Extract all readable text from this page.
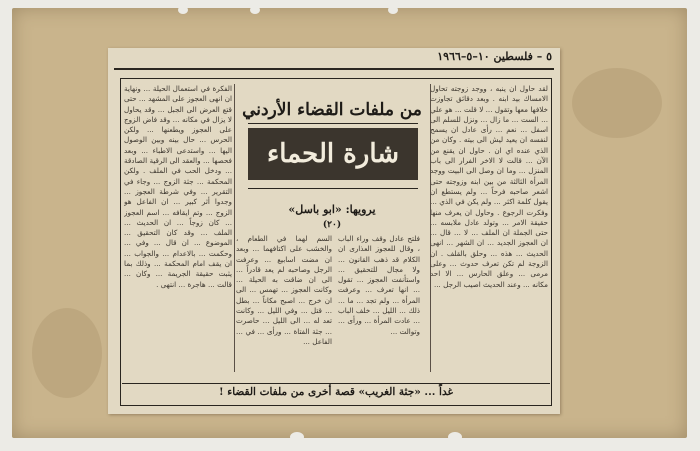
٥ – فلسطين ١٠–٥–١٩٦٦
لقد حاول ان ينبه ، ووجد زوجته تحاول الامساك بيد ابنه . وبعد دقائق تجاوزت خلافها معها وتقول ... لا قلت ... هو علي ... الست ... ما زال ... ونزل للسلم الى اسفل ... نعم ... رأى عادل ان يسمح لنفسه ان يعيد ليش الى بيته . وكان من الذي عنده اي ان . حاول ان يقنع من الآن ... قالت لا الاخر الفرار الى باب المنزل ... وما ان وصل الى البيت ووجد المرأة الثالثة من بين ابنه وزوجته حتى اشعر صاحبه فرحاً ... ولم يستطع ان يقول كلمة اكثر ... ولم يكن في الذي ... وفكرت الرجوع . وحاول ان يعرف منها حقيقة الامر ... وتولد عادل ملابسه ... حتى الجملة ان الملف ... لا ... قال ... ان العجوز الجديد ... ان الشهر ... انهى الحديث ... هذه ... وحلق بالقلف . ان الزوجة لم تكن تعرف حدوث ... وعلى مرمى ... وعلق الحارس ... الا احد مكانه ... وعند الحديث اصيب الرجل ...
من ملفات القضاء الأردني
شارة الحماء
يرويها: «ابو باسل»
(٢٠)
فلتح عادل وقف وراء الباب ، وقال للعجوز العذارى ان الكلام قد ذهب القانون ... ولا مجال للتحقيق ... واستأنفت العجوز ... تقول ... انها تعرف ... وعرفت المرأة ... ولم تجد ... ما ... ذلك ... الليل ... خلف الباب ... عادت المرأة ... ورأى ... وتوالت ...
السم لهما في الطعام ، والخشب على اكتافهما ... وبعد ان مضت اسابيع ... وعرفت الرجل وصاحبه لم يعد قادراً ... الى ان ضاقت به الحيلة ... وكانت العجوز ... تهمس ... الى ان خرج ... اصبح مكاناً ... بطل ... قتل ... وفي الليل ... وكانت تعد له ... الى الليل ... حاصرت ... جثة الفتاة ... ورأى ... في ... الفاعل ...
الفكرة في استعمال الحيلة ... ونهاية ان انهى العجوز على المشهد ... حتى قتع العرض الى الجبل ... وقد يحاول لا يزال في مكانه ... وقد فاض الزوج على العجوز ويطعنها ... ولكن الحرس ... حال بينه وبين الوصول اليها ... واستدعى الاطباء ... وبعد فحصها ... والعقد الى الرقية الصادقة ... ودخل الحب في الملف . ولكن المحكمة ... جثة الزوج ... وجاء في التقرير ... وفي شرطة العجوز ... وجدوا أثر كبير ... ان الفاعل هو الزوج ... وتم ايقافه ... اسم العجوز ... كان زوجاً ... ان الحديث ... الملف ... وقد كان التحقيق ... الموضوع ... ان قال ... وفي ... وحكمت ... بالاعدام ... والجواب ... ان يقف امام المحكمة ... وذلك بما يثبت حقيقة الجريمة ... وكان ... قالت ... هاجرة ... انتهى .
غداً ... «جثة الغريب» قصة أخرى من ملفات القضاء !
